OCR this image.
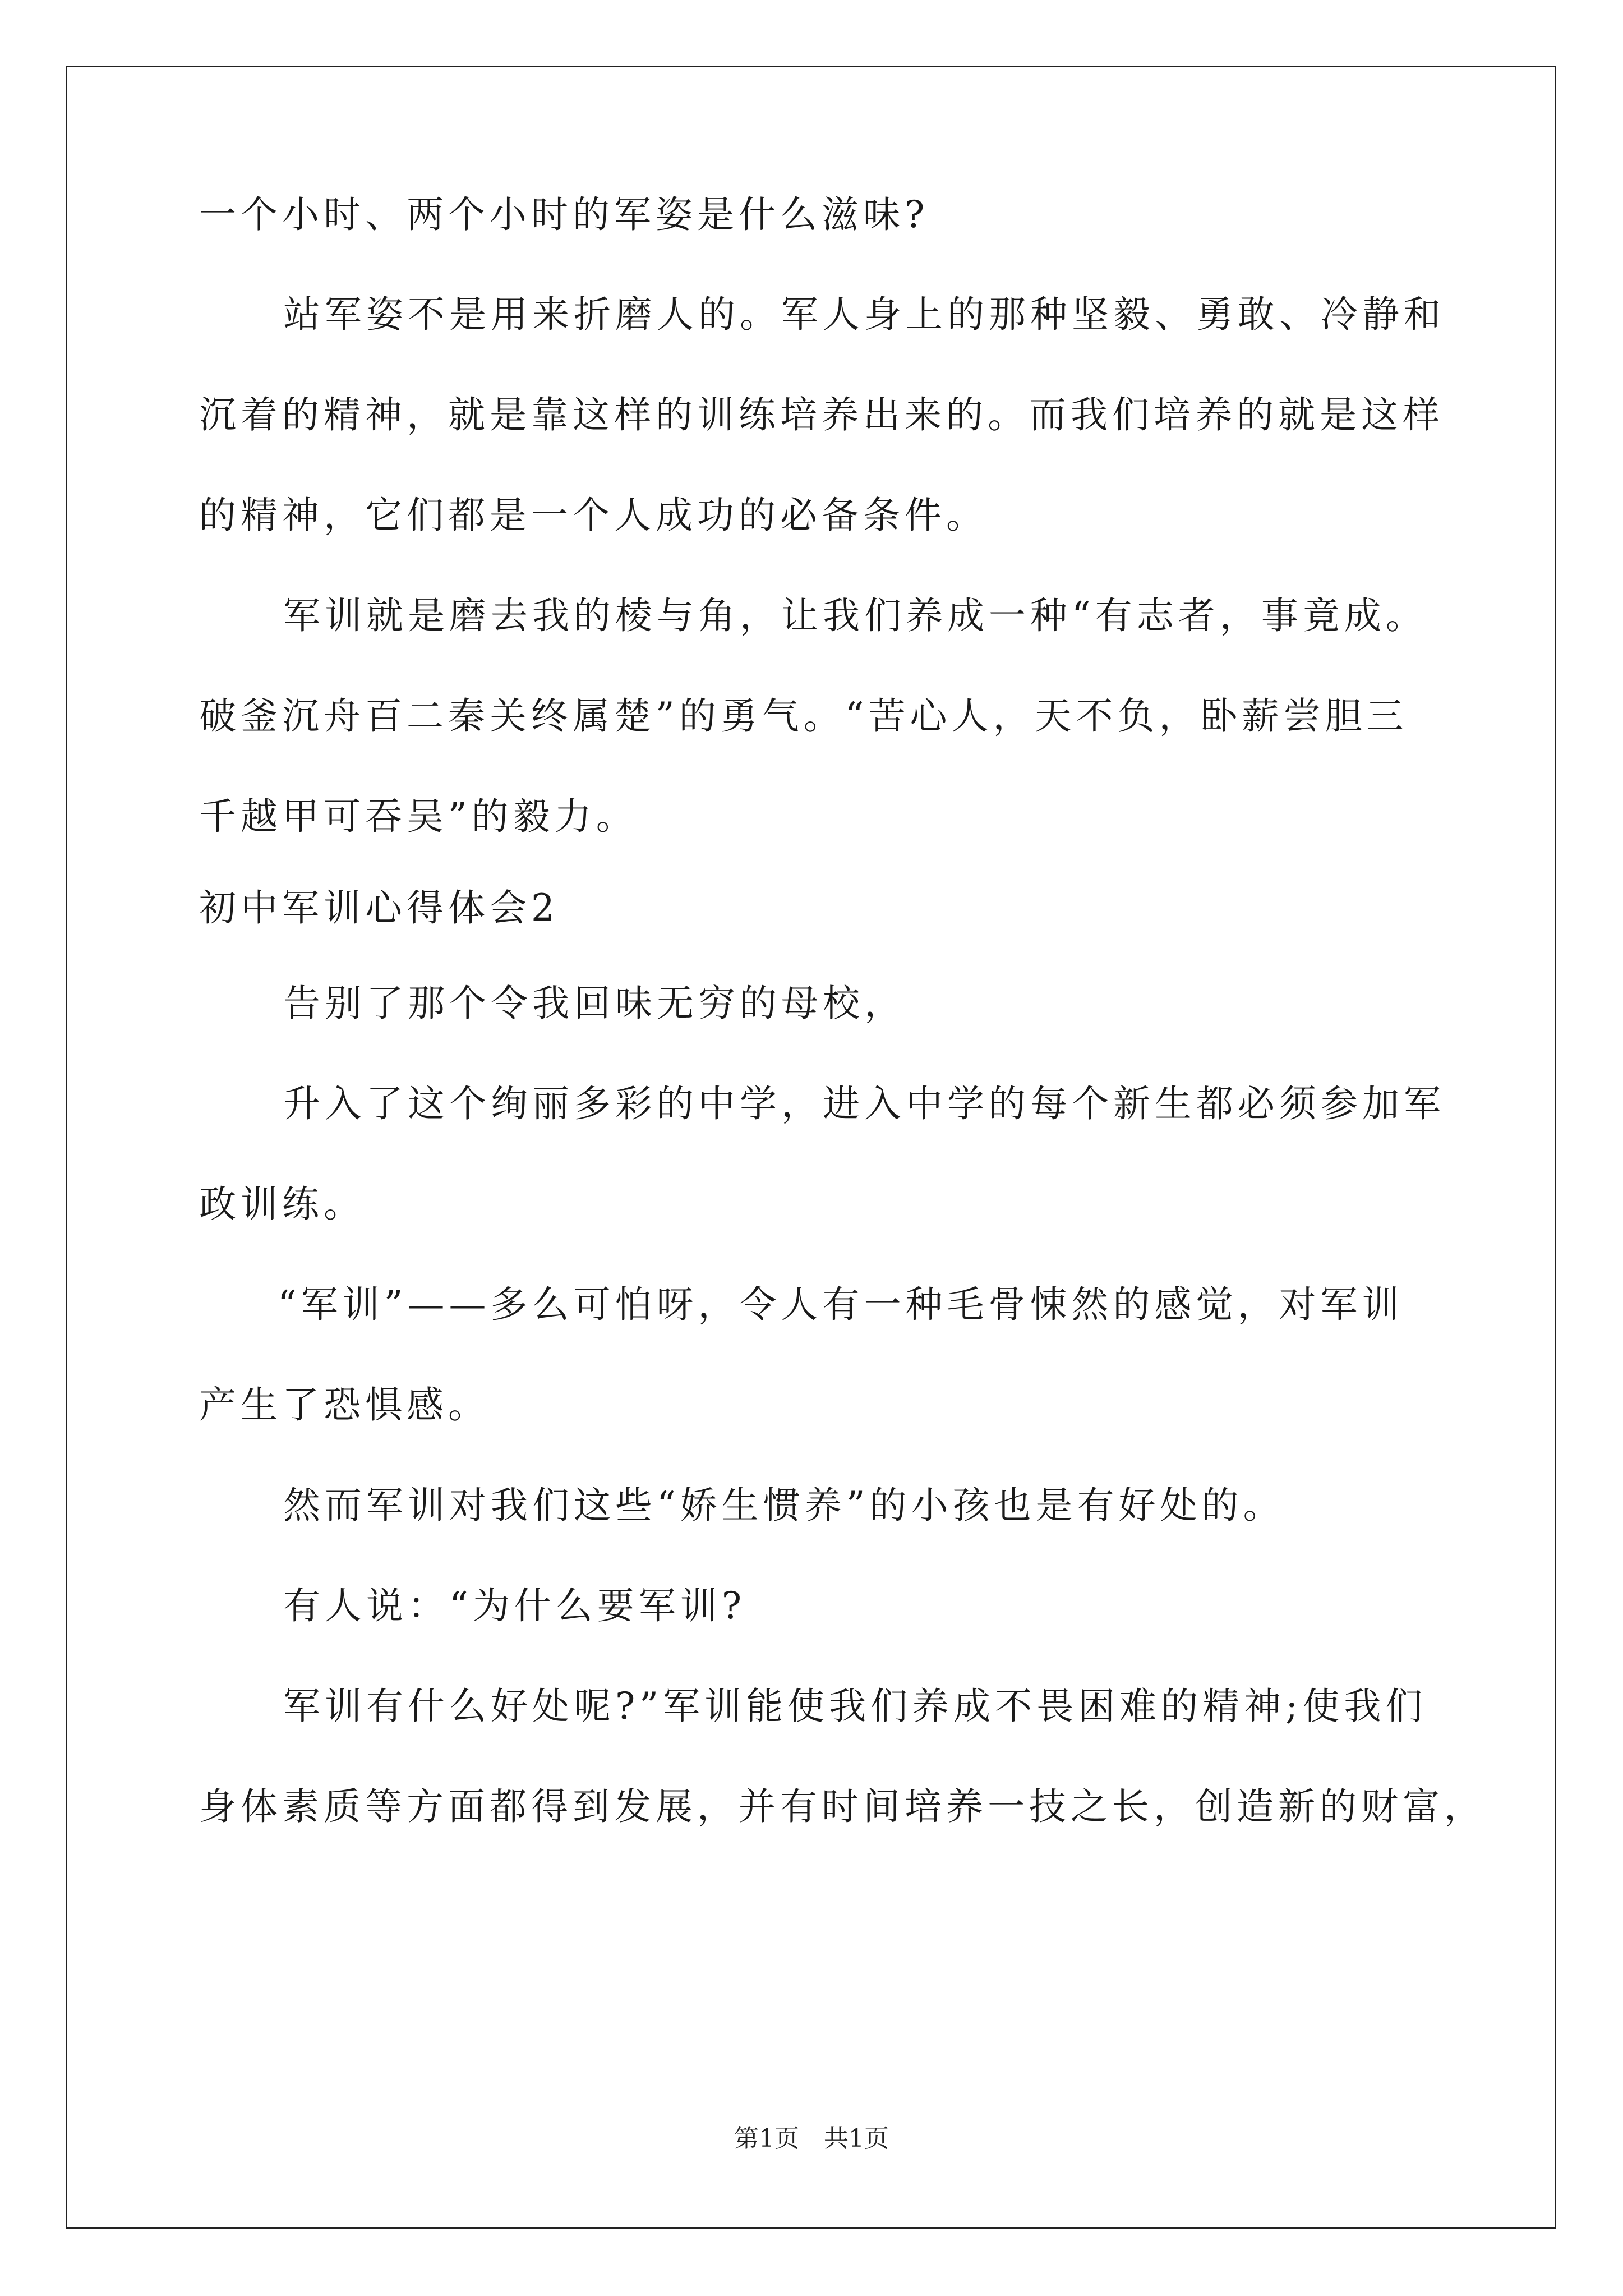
一个小时、两个小时的军姿是什么滋味?
站军姿不是用来折磨人的。军人身上的那种坚毅、勇敢、冷静和
沉着的精神，就是靠这样的训练培养出来的。而我们培养的就是这样
的精神，它们都是一个人成功的必备条件。
军训就是磨去我的棱与角，让我们养成一种“有志者，事竟成。
破釜沉舟百二秦关终属楚”的勇气。“苦心人，天不负，卧薪尝胆三
千越甲可吞吴”的毅力。
初中军训心得体会2
告别了那个令我回味无穷的母校，
升入了这个绚丽多彩的中学，进入中学的每个新生都必须参加军
政训练。
“军训”——多么可怕呀，令人有一种毛骨悚然的感觉，对军训
产生了恐惧感。
然而军训对我们这些“娇生惯养”的小孩也是有好处的。
有人说：“为什么要军训?
军训有什么好处呢?”军训能使我们养成不畏困难的精神;使我们
身体素质等方面都得到发展，并有时间培养一技之长，创造新的财富，
第1页　共1页
